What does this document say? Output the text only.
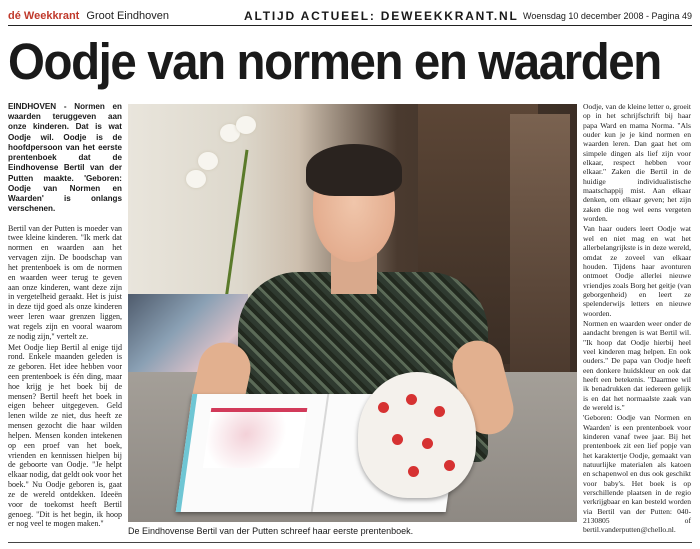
dé Weekkrant Groot Eindhoven	ALTIJD ACTUEEL: DEWEEKKRANT.NL Woensdag 10 december 2008 - Pagina 49
Oodje van normen en waarden

EINDHOVEN - Normen en waarden teruggeven aan onze kinderen. Dat is wat Oodje wil. Oodje is de hoofdpersoon van het eerste prentenboek dat de Eindhovense Bertil van der Putten maakte. 'Geboren: Oodje van Normen en Waarden' is onlangs verschenen.

Bertil van der Putten is moeder van twee kleine kinderen. "Ik merk dat normen en waarden aan het vervagen zijn. De boodschap van het prentenboek is om de normen en waarden weer terug te geven aan onze kinderen, want deze zijn in vergetelheid geraakt. Het is juist in deze tijd goed als onze kinderen weer leren waar grenzen liggen, wat regels zijn en vooral waarom ze nodig zijn," vertelt ze.

Met Oodje liep Bertil al enige tijd rond. Enkele maanden geleden is ze geboren. Het idee hebben voor een prentenboek is één ding, maar hoe krijg je het boek bij de mensen? Bertil heeft het boek in eigen beheer uitgegeven. Geld lenen wilde ze niet, dus heeft ze mensen gezocht die haar wilden helpen. Mensen konden intekenen op een proef van het boek, vrienden en kennissen hielpen bij de geboorte van Oodje. "Je helpt elkaar nodig, dat geldt ook voor het boek." Nu Oodje geboren is, gaat ze de wereld ontdekken. Ideeën voor de toekomst heeft Bertil genoeg. "Dit is het begin, ik hoop er nog veel te mogen maken."

De Eindhovense Bertil van der Putten schreef haar eerste prentenboek.

Oodje, van de kleine letter o, groeit op in het schrijfschrift bij haar papa Ward en mama Norma. "Als ouder kun je je kind normen en waarden leren. Dan gaat het om simpele dingen als lief zijn voor elkaar, respect hebben voor elkaar." Zaken die Bertil in de huidige individualistische maatschappij mist. Aan elkaar denken, om elkaar geven; het zijn zaken die nog wel eens vergeten worden.

Van haar ouders leert Oodje wat wel en niet mag en wat het allerbelangrijkste is in deze wereld, omdat ze zoveel van elkaar houden. Tijdens haar avonturen ontmoet Oodje allerlei nieuwe vriendjes zoals Borg het geitje (van geborgenheid) en leert ze spelenderwijs letters en nieuwe woorden.

Normen en waarden weer onder de aandacht brengen is wat Bertil wil. "Ik hoop dat Oodje hierbij heel veel kinderen mag helpen. En ook ouders." De papa van Oodje heeft een donkere huidskleur en ook dat heeft een betekenis. "Daarmee wil ik benadrukken dat iedereen gelijk is en dat het normaalste zaak van de wereld is."

'Geboren: Oodje van Normen en Waarden' is een prentenboek voor kinderen vanaf twee jaar. Bij het prentenboek zit een lief popje van het karaktertje Oodje, gemaakt van natuurlijke materialen als katoen en schapenwol en dus ook geschikt voor baby's. Het boek is op verschillende plaatsen in de regio verkrijgbaar en kan besteld worden via Bertil van der Putten: 040-2130805 of bertil.vanderputten@chello.nl.
